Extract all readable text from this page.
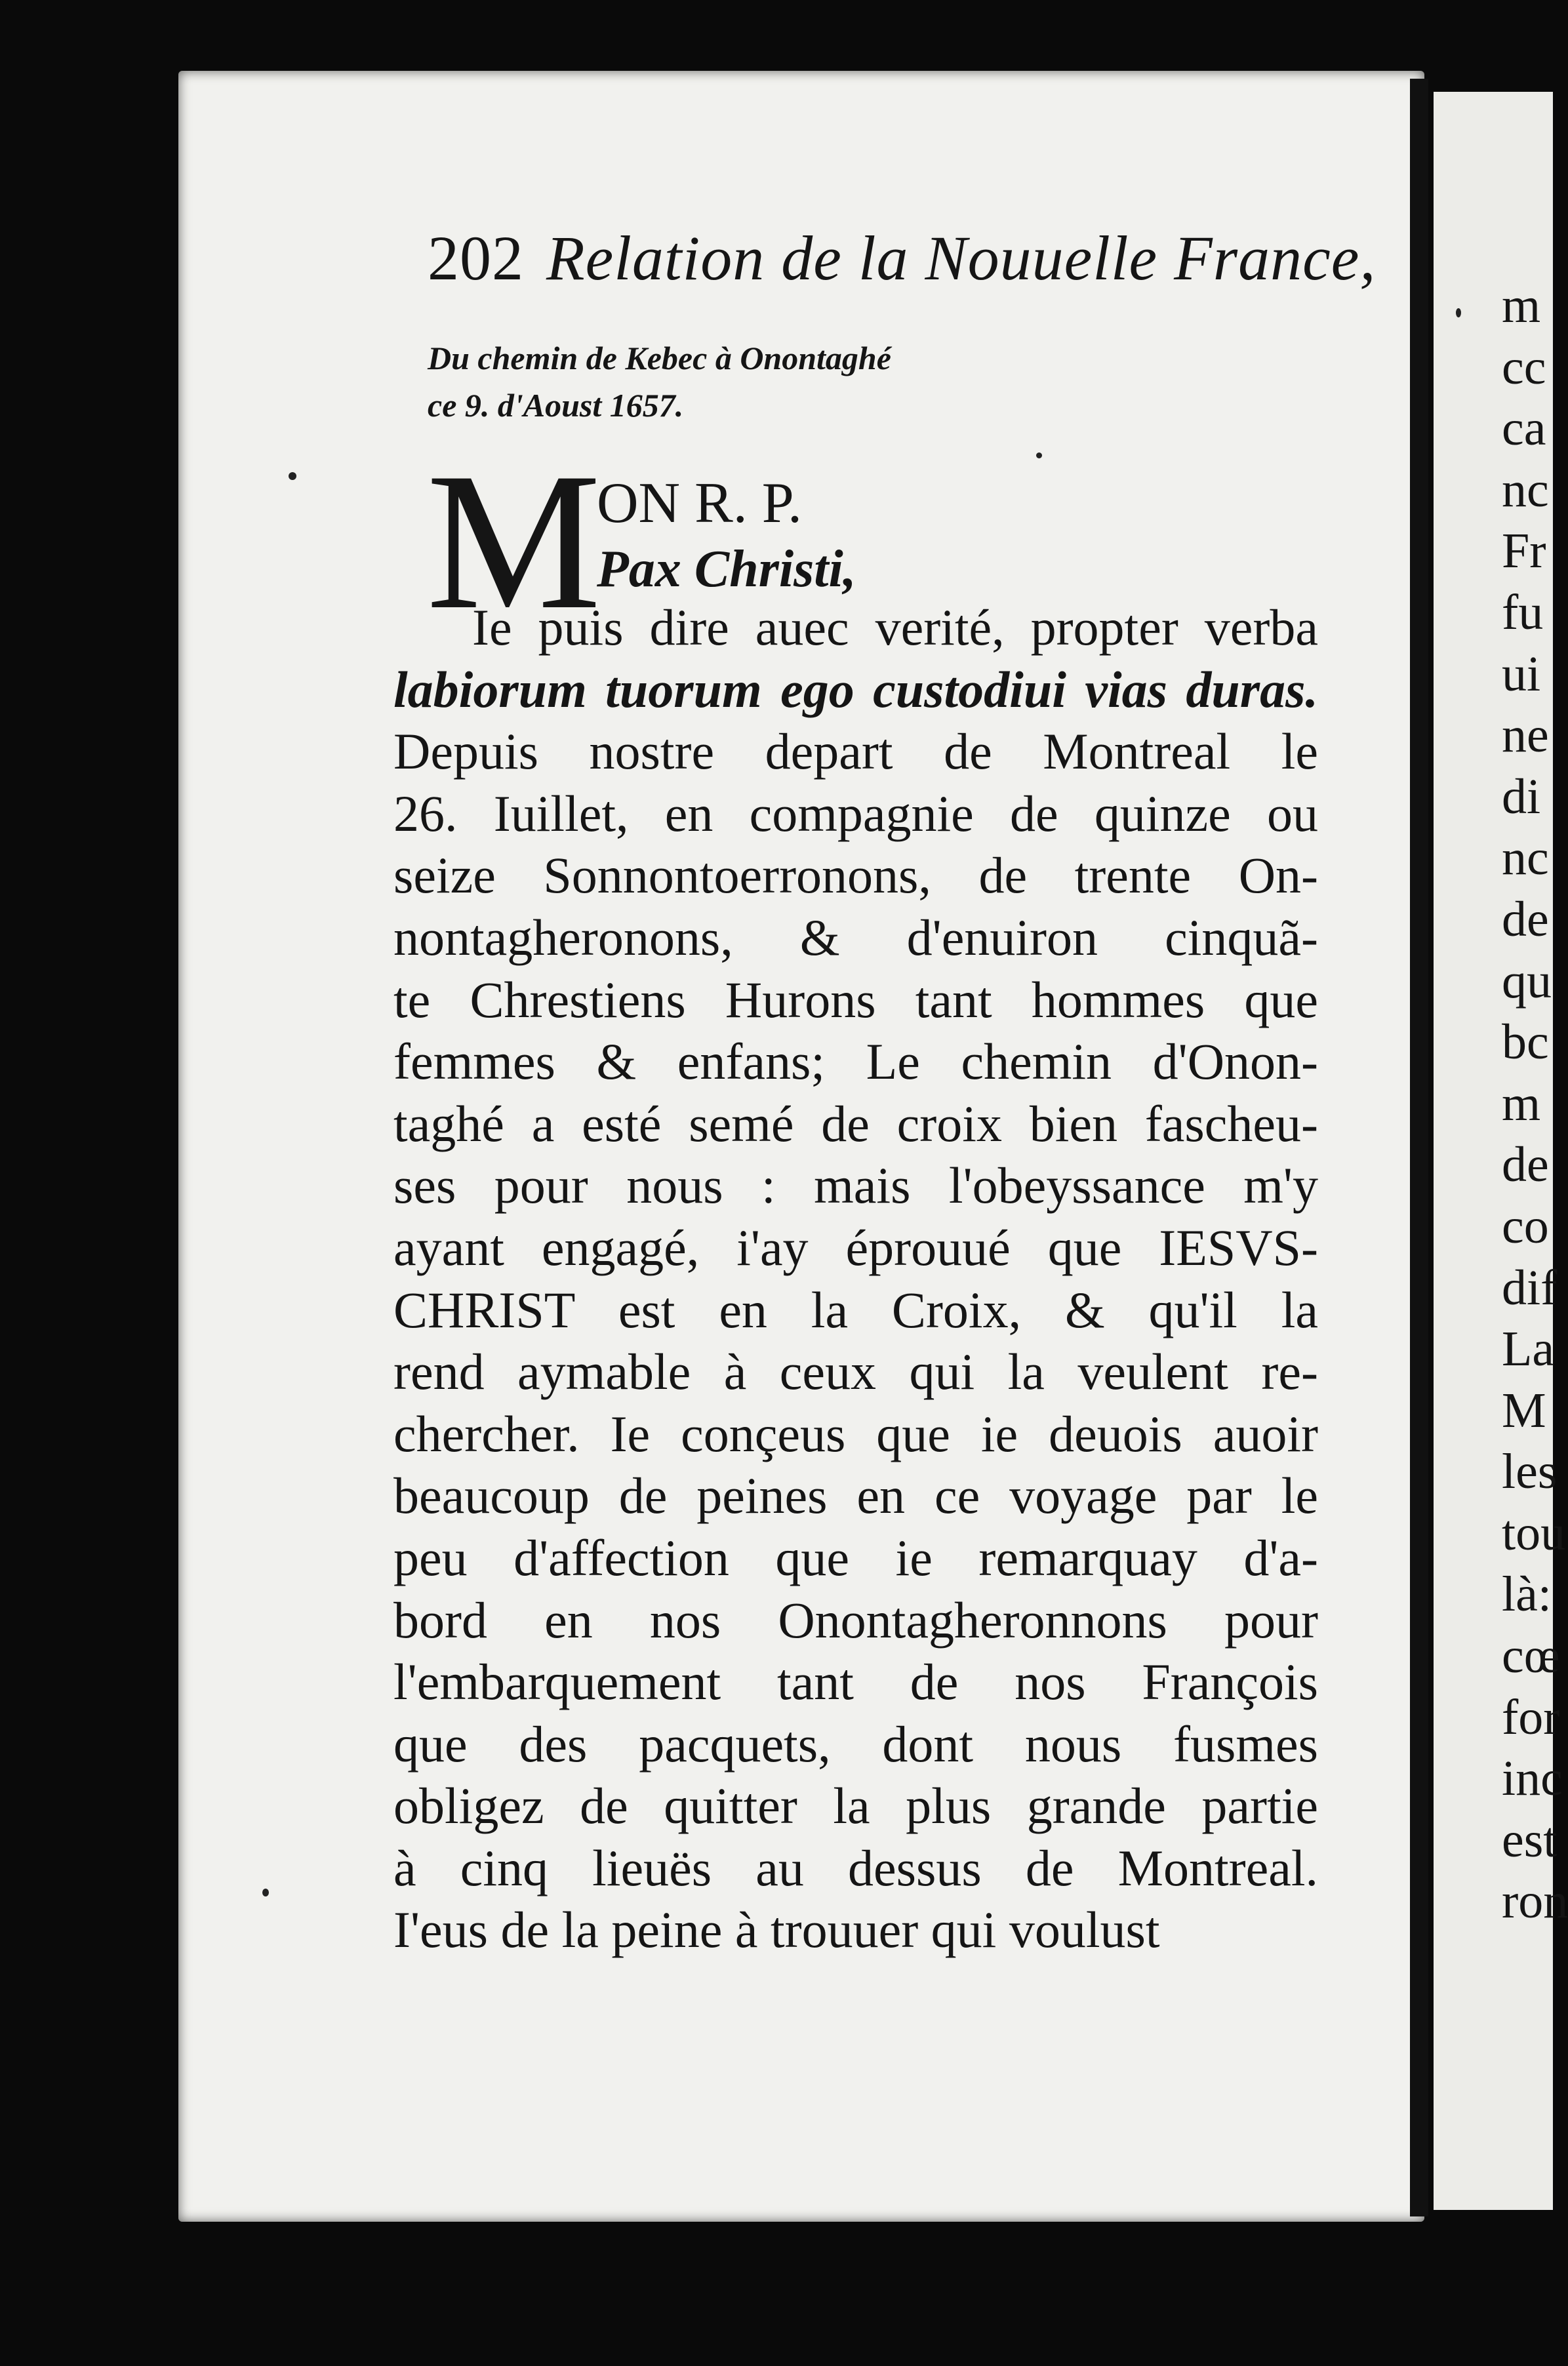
202 Relation de la Nouuelle France,
Du chemin de Kebec à Onontaghé
ce 9. d'Aoust 1657.
M
ON R. P.
Pax Christi,
Ie puis dire auec verité, propter verba
labiorum tuorum ego custodiui vias duras.
Depuis nostre depart de Montreal le
26. Iuillet, en compagnie de quinze ou
seize Sonnontoerronons, de trente On-
nontagheronons, & d'enuiron cinquã-
te Chrestiens Hurons tant hommes que
femmes & enfans; Le chemin d'Onon-
taghé a esté semé de croix bien fascheu-
ses pour nous : mais l'obeyssance m'y
ayant engagé, i'ay éprouué que IESVS-
CHRIST est en la Croix, & qu'il la
rend aymable à ceux qui la veulent re-
chercher. Ie conçeus que ie deuois auoir
beaucoup de peines en ce voyage par le
peu d'affection que ie remarquay d'a-
bord en nos Onontagheronnons pour
l'embarquement tant de nos François
que des pacquets, dont nous fusmes
obligez de quitter la plus grande partie
à cinq lieuës au dessus de Montreal.
I'eus de la peine à trouuer qui voulust
m
cc
ca
nc
Fr
fu
ui
ne
di
nc
de
qu
bc
m
de
co
dif
La
M
les
tou
là:
cœ
for
inc
est
ron
